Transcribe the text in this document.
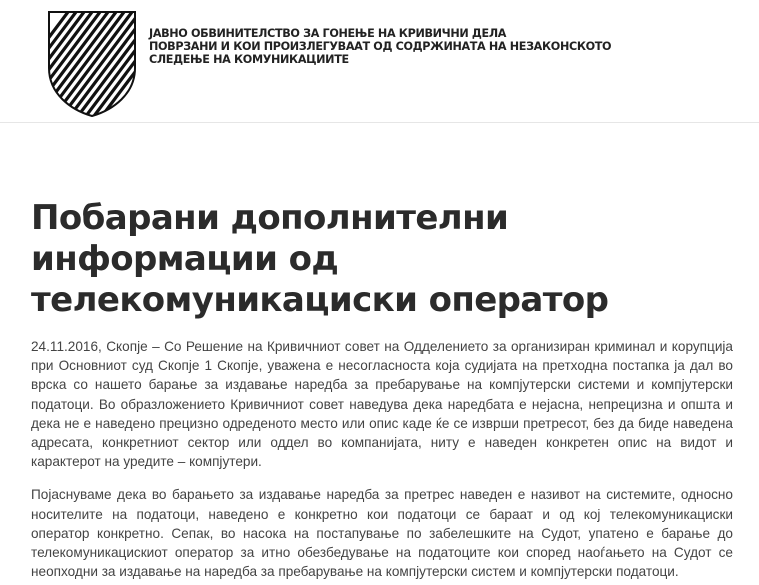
ЈАВНО ОБВИНИТЕЛСТВО ЗА ГОНЕЊЕ НА КРИВИЧНИ ДЕЛА
ПОВРЗАНИ И КОИ ПРОИЗЛЕГУВААТ ОД СОДРЖИНАТА НА НЕЗАКОНСКОТО
СЛЕДЕЊЕ НА КОМУНИКАЦИИТЕ
Побарани дополнителни
информации од
телекомуникациски оператор

24.11.2016, Скопје – Со Решение на Кривичниот совет на Одделението за организиран криминал и корупција
при Основниот суд Скопје 1 Скопје, уважена е несогласноста која судијата на претходна постапка ја дал во
врска со нашето барање за издавање наредба за пребарување на компјутерски системи и компјутерски
податоци. Во образложението Кривичниот совет наведува дека наредбата е нејасна, непрецизна и општа и
дека не е наведено прецизно одреденото место или опис каде ќе се изврши претресот, без да биде наведена
адресата, конкретниот сектор или оддел во компанијата, ниту е наведен конкретен опис на видот и
карактерот на уредите – компјутери.

Појаснуваме дека во барањето за издавање наредба за претрес наведен е називот на системите, односно
носителите на податоци, наведено е конкретно кои податоци се бараат и од кој телекомуникациски
оператор конкретно. Сепак, во насока на постапување по забелешките на Судот, упатено е барање до
телекомуникацискиот оператор за итно обезбедување на податоците кои според наоѓањето на Судот се
неопходни за издавање на наредба за пребарување на компјутерски систем и компјутерски податоци.
